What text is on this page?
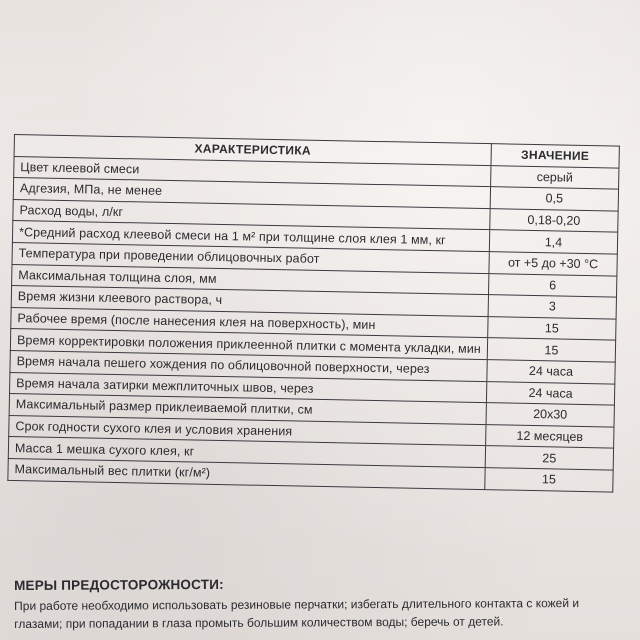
ХАРАКТЕРИСТИКА	ЗНАЧЕНИЕ
Цвет клеевой смеси	серый
Адгезия, МПа, не менее	0,5
Расход воды, л/кг	0,18-0,20
*Средний расход клеевой смеси на 1 м² при толщине слоя клея 1 мм, кг	1,4
Температура при проведении облицовочных работ	от +5 до +30 °С
Максимальная толщина слоя, мм	6
Время жизни клеевого раствора, ч	3
Рабочее время (после нанесения клея на поверхность), мин	15
Время корректировки положения приклеенной плитки с момента укладки, мин	15
Время начала пешего хождения по облицовочной поверхности, через	24 часа
Время начала затирки межплиточных швов, через	24 часа
Максимальный размер приклеиваемой плитки, см	20х30
Срок годности сухого клея и условия хранения	12 месяцев
Масса 1 мешка сухого клея, кг	25
Максимальный вес плитки (кг/м²)	15
МЕРЫ ПРЕДОСТОРОЖНОСТИ:

При работе необходимо использовать резиновые перчатки; избегать длительного контакта с кожей и глазами; при попадании в глаза промыть большим количеством воды; беречь от детей.
